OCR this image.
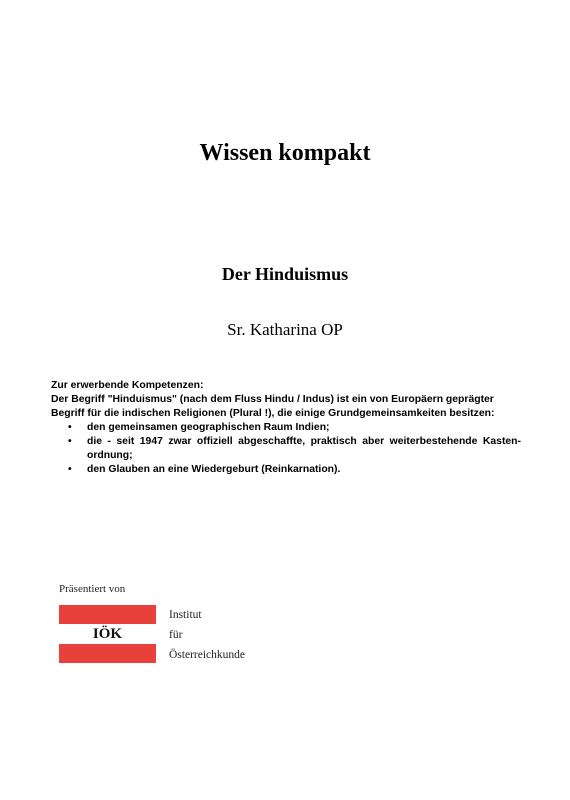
Wissen kompakt
Der Hinduismus
Sr. Katharina OP

Zur erwerbende Kompetenzen:

Der Begriff "Hinduismus" (nach dem Fluss Hindu / Indus) ist ein von Europäern geprägter Begriff für die indischen Religionen (Plural !), die einige Grundgemeinsamkeiten besitzen:

• den gemeinsamen geographischen Raum Indien;
• die - seit 1947 zwar offiziell abgeschaffte, praktisch aber weiterbestehende Kasten-ordnung;
• den Glauben an eine Wiedergeburt (Reinkarnation).
Präsentiert von
IÖK
Institut
für
Österreichkunde
